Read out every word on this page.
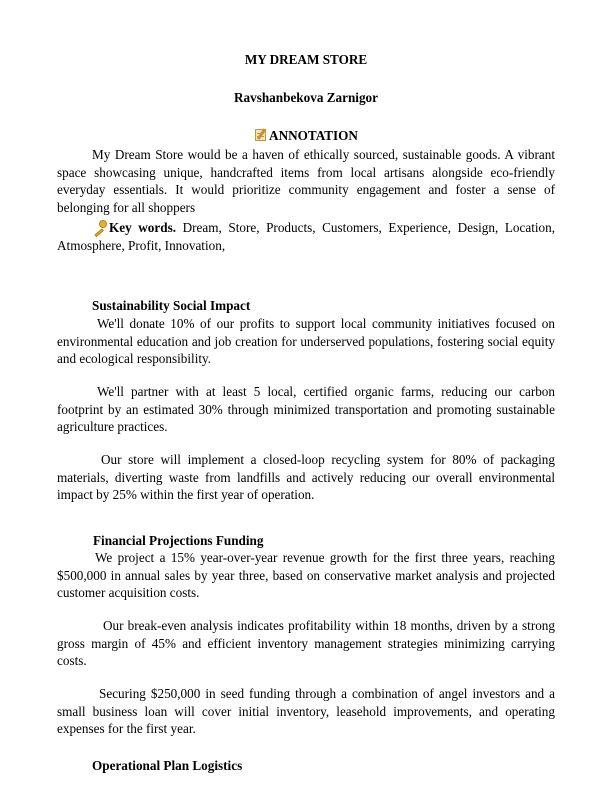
MY DREAM STORE
Ravshanbekova Zarnigor
ANNOTATION

My Dream Store would be a haven of ethically sourced, sustainable goods. A vibrant space showcasing unique, handcrafted items from local artisans alongside eco-friendly everyday essentials. It would prioritize community engagement and foster a sense of belonging for all shoppers

Key words. Dream, Store, Products, Customers, Experience, Design, Location, Atmosphere, Profit, Innovation,

Sustainability Social Impact

We'll donate 10% of our profits to support local community initiatives focused on environmental education and job creation for underserved populations, fostering social equity and ecological responsibility.

We'll partner with at least 5 local, certified organic farms, reducing our carbon footprint by an estimated 30% through minimized transportation and promoting sustainable agriculture practices.

Our store will implement a closed-loop recycling system for 80% of packaging materials, diverting waste from landfills and actively reducing our overall environmental impact by 25% within the first year of operation.

Financial Projections Funding

We project a 15% year-over-year revenue growth for the first three years, reaching $500,000 in annual sales by year three, based on conservative market analysis and projected customer acquisition costs.

Our break-even analysis indicates profitability within 18 months, driven by a strong gross margin of 45% and efficient inventory management strategies minimizing carrying costs.

Securing $250,000 in seed funding through a combination of angel investors and a small business loan will cover initial inventory, leasehold improvements, and operating expenses for the first year.

Operational Plan Logistics
